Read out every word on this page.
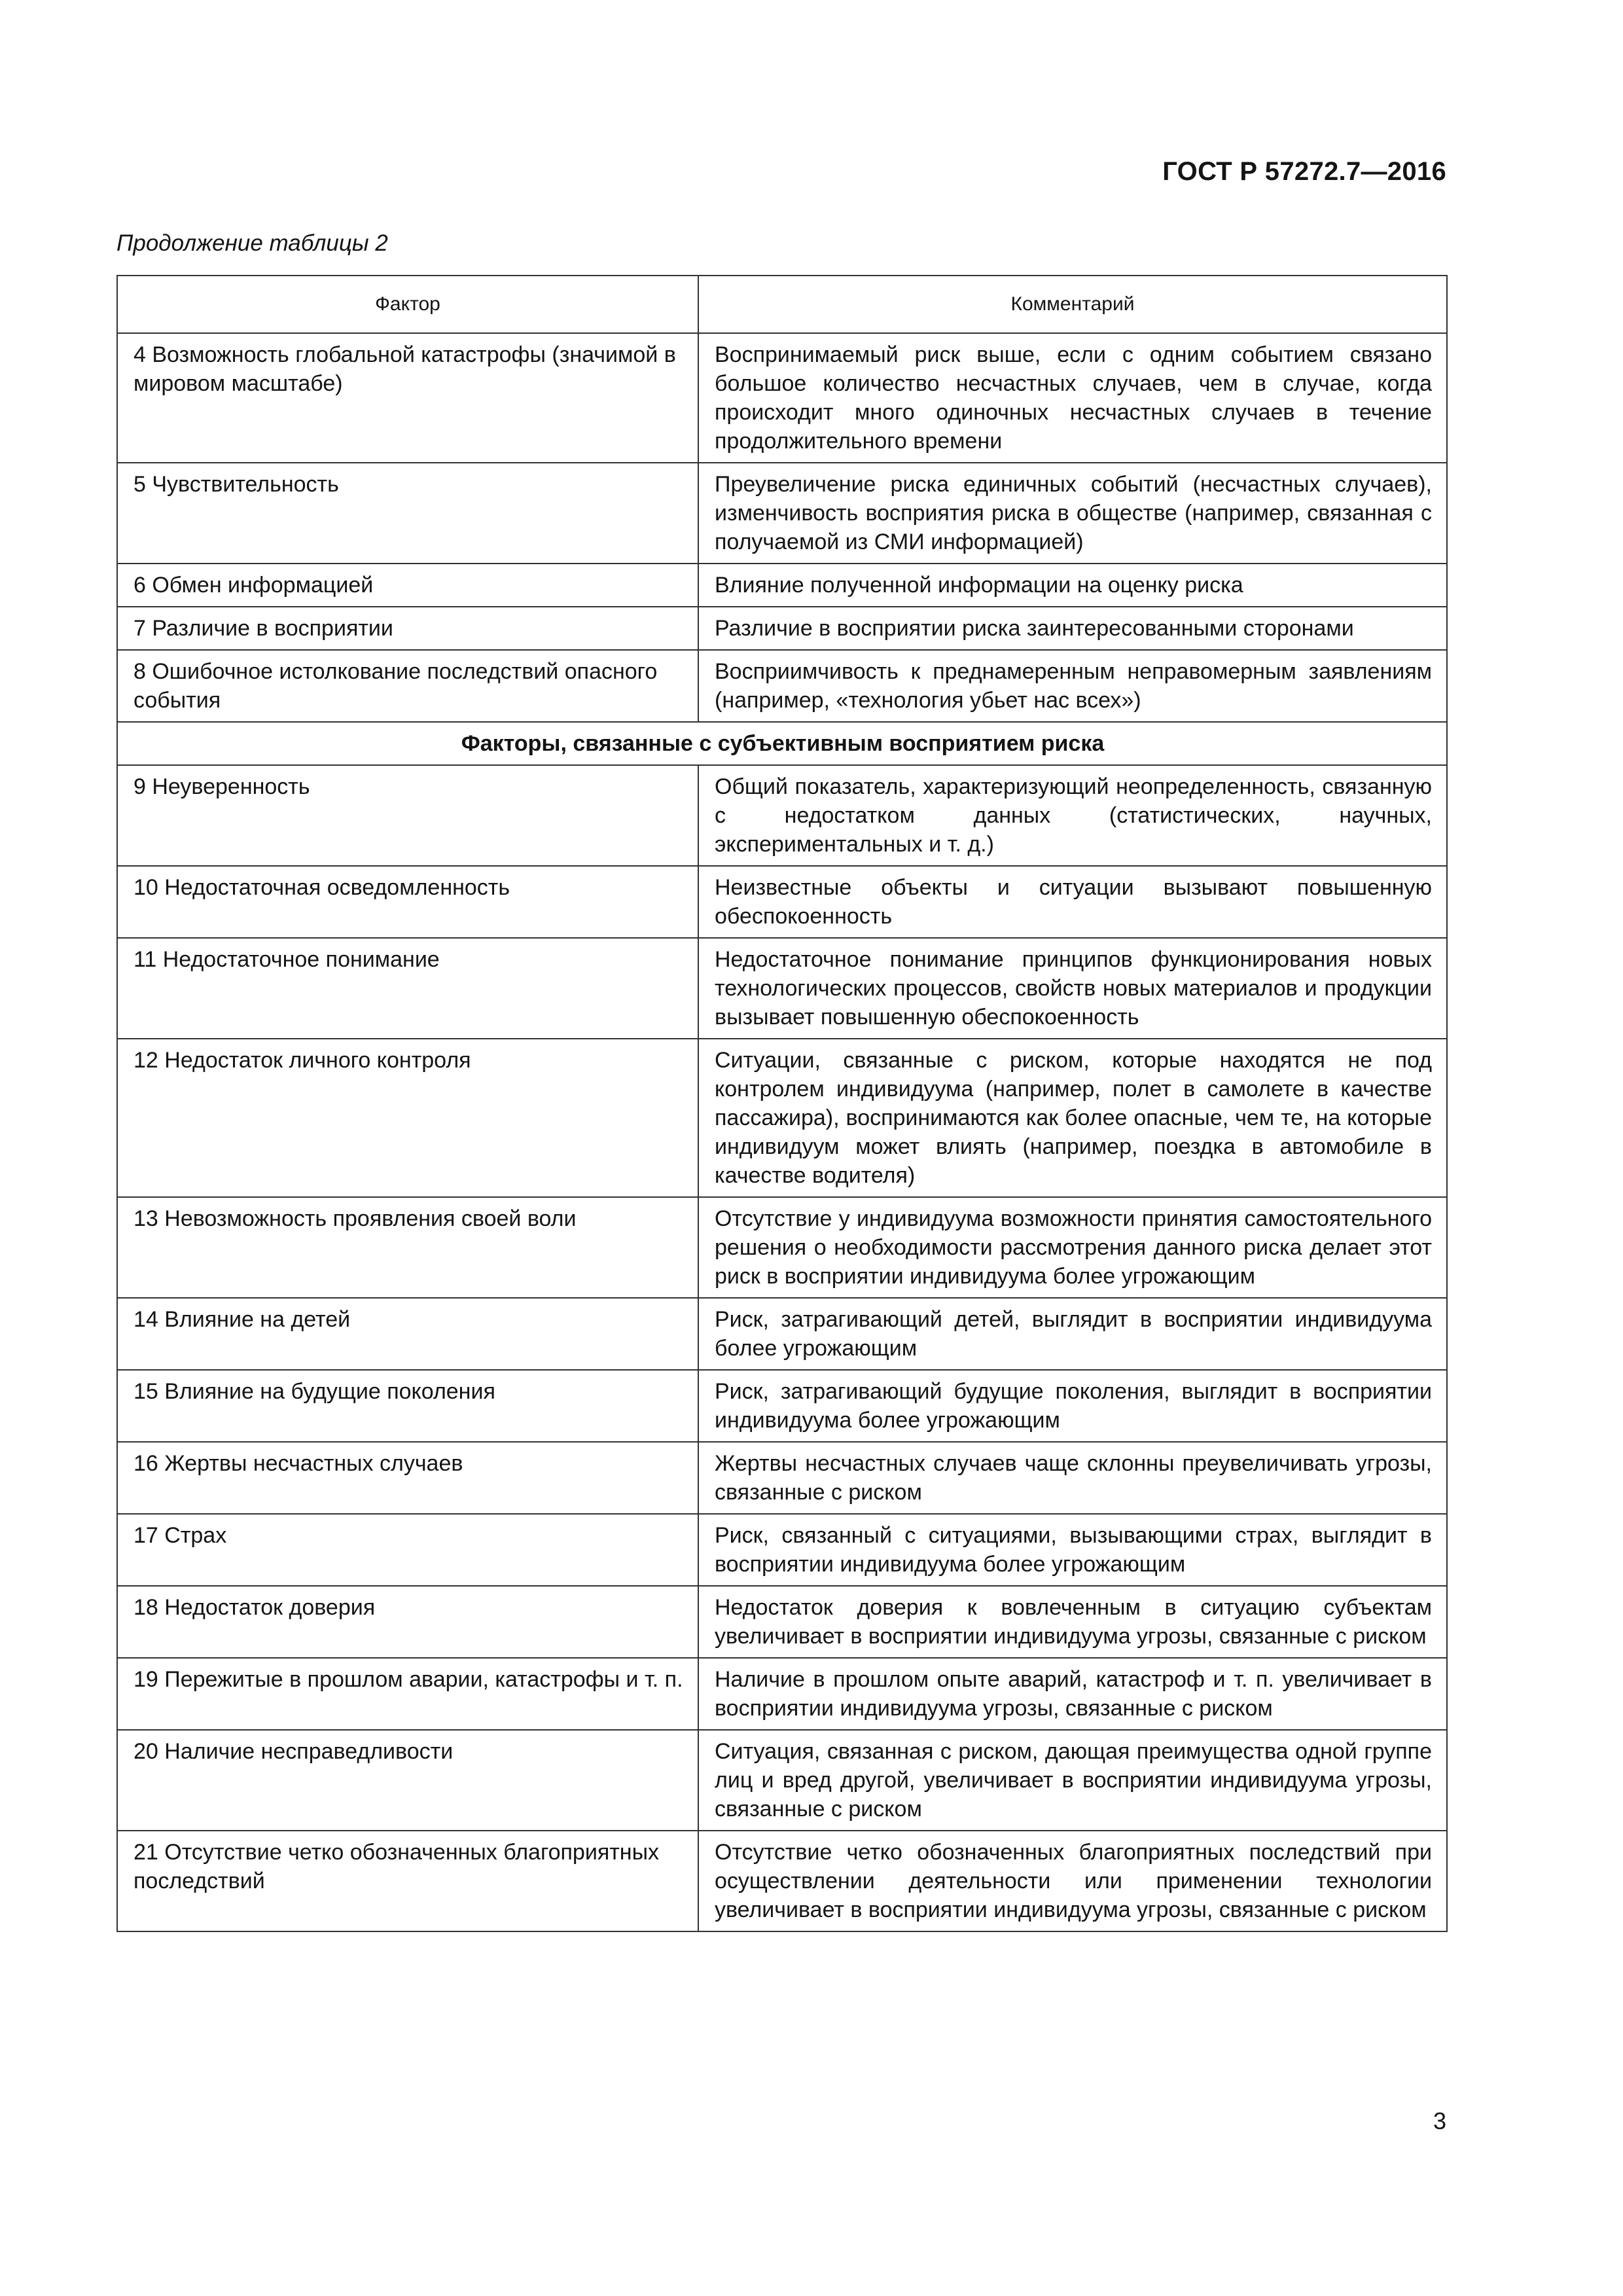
ГОСТ Р 57272.7—2016
Продолжение таблицы 2
Фактор	Комментарий
4 Возможность глобальной катастрофы (значимой в мировом масштабе)	Воспринимаемый риск выше, если с одним событием связано большое количество несчастных случаев, чем в случае, когда происходит много одиночных несчастных случаев в течение продолжительного времени
5 Чувствительность	Преувеличение риска единичных событий (несчастных случаев), изменчивость восприятия риска в обществе (например, связанная с получаемой из СМИ информацией)
6 Обмен информацией	Влияние полученной информации на оценку риска
7 Различие в восприятии	Различие в восприятии риска заинтересованными сторонами
8 Ошибочное истолкование последствий опасного события	Восприимчивость к преднамеренным неправомерным заявлениям (например, «технология убьет нас всех»)
Факторы, связанные с субъективным восприятием риска	
9 Неуверенность	Общий показатель, характеризующий неопределенность, связанную с недостатком данных (статистических, научных, экспериментальных и т. д.)
10 Недостаточная осведомленность	Неизвестные объекты и ситуации вызывают повышенную обеспокоенность
11 Недостаточное понимание	Недостаточное понимание принципов функционирования новых технологических процессов, свойств новых материалов и продукции вызывает повышенную обеспокоенность
12 Недостаток личного контроля	Ситуации, связанные с риском, которые находятся не под контролем индивидуума (например, полет в самолете в качестве пассажира), воспринимаются как более опасные, чем те, на которые индивидуум может влиять (например, поездка в автомобиле в качестве водителя)
13 Невозможность проявления своей воли	Отсутствие у индивидуума возможности принятия самостоятельного решения о необходимости рассмотрения данного риска делает этот риск в восприятии индивидуума более угрожающим
14 Влияние на детей	Риск, затрагивающий детей, выглядит в восприятии индивидуума более угрожающим
15 Влияние на будущие поколения	Риск, затрагивающий будущие поколения, выглядит в восприятии индивидуума более угрожающим
16 Жертвы несчастных случаев	Жертвы несчастных случаев чаще склонны преувеличивать угрозы, связанные с риском
17 Страх	Риск, связанный с ситуациями, вызывающими страх, выглядит в восприятии индивидуума более угрожающим
18 Недостаток доверия	Недостаток доверия к вовлеченным в ситуацию субъектам увеличивает в восприятии индивидуума угрозы, связанные с риском
19 Пережитые в прошлом аварии, катастрофы и т. п.	Наличие в прошлом опыте аварий, катастроф и т. п. увеличивает в восприятии индивидуума угрозы, связанные с риском
20 Наличие несправедливости	Ситуация, связанная с риском, дающая преимущества одной группе лиц и вред другой, увеличивает в восприятии индивидуума угрозы, связанные с риском
21 Отсутствие четко обозначенных благоприятных последствий	Отсутствие четко обозначенных благоприятных последствий при осуществлении деятельности или применении технологии увеличивает в восприятии индивидуума угрозы, связанные с риском
3
